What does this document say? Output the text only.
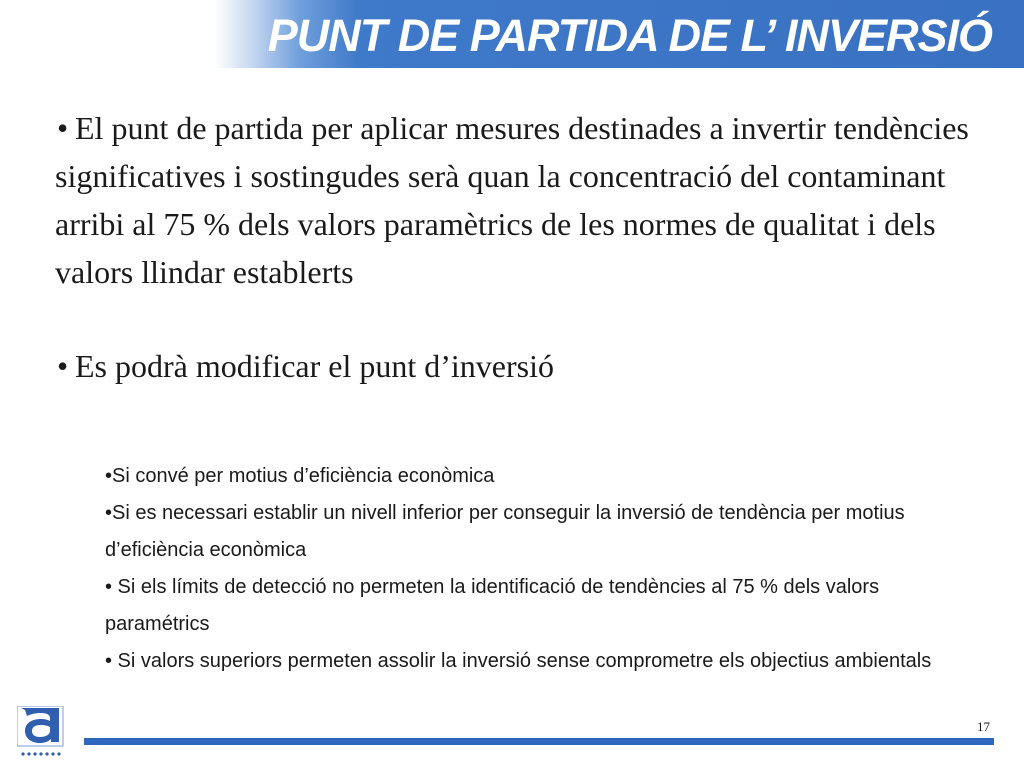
PUNT DE PARTIDA DE L’ INVERSIÓ

• El punt de partida per aplicar mesures destinades a invertir tendències significatives i sostingudes serà quan la concentració del contaminant arribi al 75 % dels valors paramètrics de les normes de qualitat i dels valors llindar establerts

• Es podrà modificar el punt d’inversió

•Si convé per motius d’eficiència econòmica
•Si es necessari establir un nivell inferior per conseguir la inversió de tendència per motius d’eficiència econòmica
• Si els límits de detecció no permeten la identificació de tendències al 75 % dels valors paramétrics
• Si valors superiors permeten assolir la inversió sense comprometre els objectius ambientals
17
